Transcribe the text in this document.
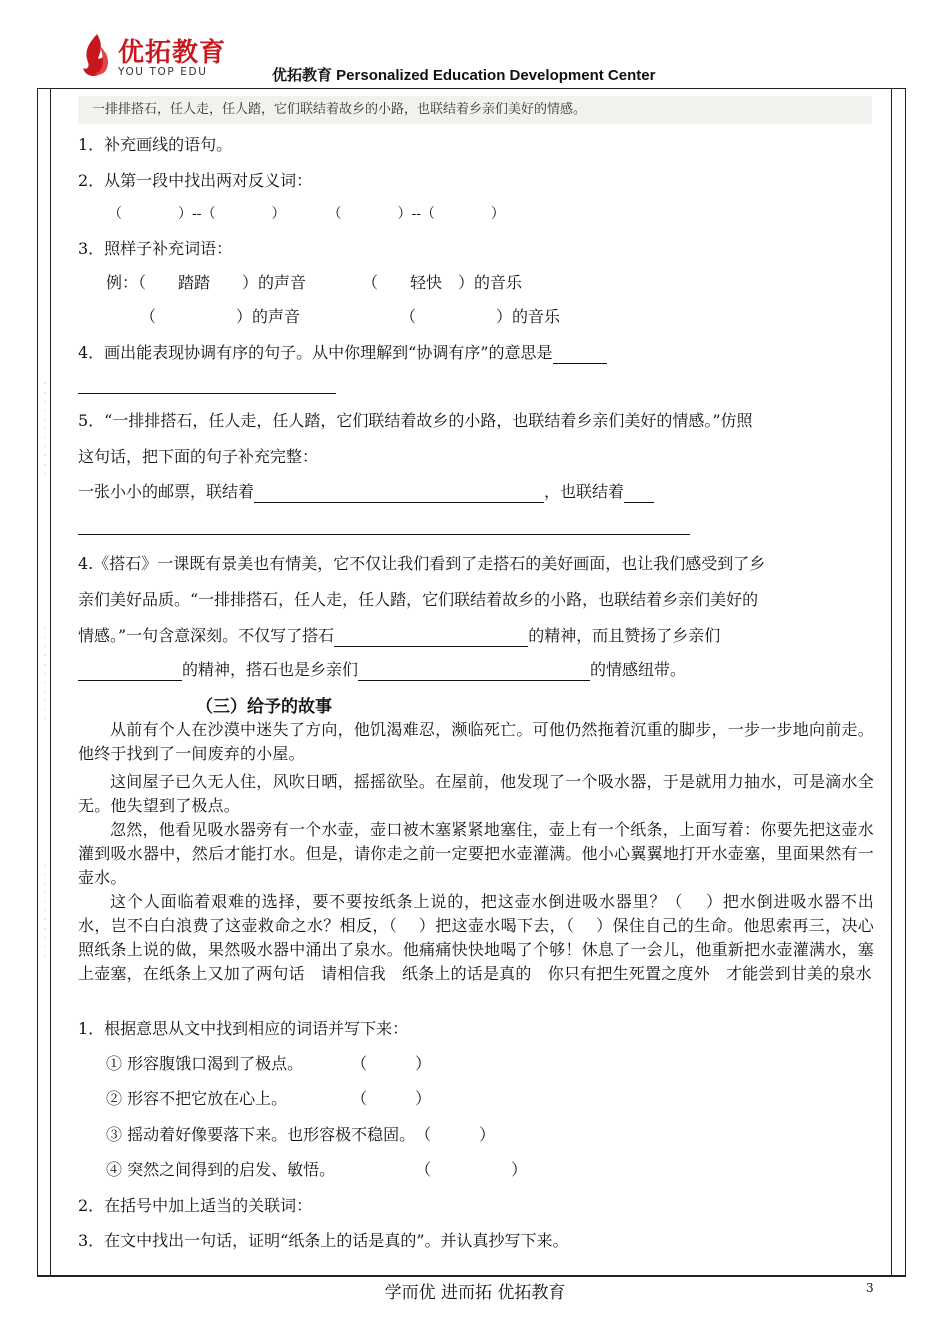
优拓教育
YOU TOP EDU	优拓教育 Personalized Education Development Center
·
·
·
·
·
·
·
·
·
·
·
·
·
·
·
·
·
·
·
·
·
·
·
·
·
·
·
·
·
·
·
·
·
·
·
·
·
·
·
·
·
·
·
·
·
·
·
·
·
·
·
·
·
·
·
·
·
·
·
·
·
·
·
·
·
·
一排排搭石，任人走，任人踏，它们联结着故乡的小路，也联结着乡亲们美好的情感。
1．补充画线的语句。
2．从第一段中找出两对反义词：
（　　　　）--（　　　　）　　　　（　　　　）--（　　　　）
3．照样子补充词语：
例：（　　踏踏　　）的声音　　　　（　　轻快　）的音乐
（　　　　　）的声音	（　　　　　）的音乐
4．画出能表现协调有序的句子。从中你理解到“协调有序”的意思是
5．“一排排搭石，任人走，任人踏，它们联结着故乡的小路，也联结着乡亲们美好的情感。”仿照
这句话，把下面的句子补充完整：
一张小小的邮票，联结着	，也联结着
4.《搭石》一课既有景美也有情美，它不仅让我们看到了走搭石的美好画面，也让我们感受到了乡
亲们美好品质。“一排排搭石，任人走，任人踏，它们联结着故乡的小路，也联结着乡亲们美好的
情感。”一句含意深刻。不仅写了搭石	的精神，而且赞扬了乡亲们
的精神，搭石也是乡亲们	的情感纽带。
（三）给予的故事
从前有个人在沙漠中迷失了方向，他饥渴难忍，濒临死亡。可他仍然拖着沉重的脚步，一步一步地向前走。他终于找到了一间废弃的小屋。
这间屋子已久无人住，风吹日晒，摇摇欲坠。在屋前，他发现了一个吸水器，于是就用力抽水，可是滴水全无。他失望到了极点。
忽然，他看见吸水器旁有一个水壶，壶口被木塞紧紧地塞住，壶上有一个纸条，上面写着：你要先把这壶水灌到吸水器中，然后才能打水。但是，请你走之前一定要把水壶灌满。他小心翼翼地打开水壶塞，里面果然有一壶水。
这个人面临着艰难的选择，要不要按纸条上说的，把这壶水倒进吸水器里？（　 ）把水倒进吸水器不出水，岂不白白浪费了这壶救命之水？相反，（　 ）把这壶水喝下去，（　 ）保住自己的生命。他思索再三，决心照纸条上说的做，果然吸水器中涌出了泉水。他痛痛快快地喝了个够！休息了一会儿，他重新把水壶灌满水，塞上壶塞，在纸条上又加了两句话　请相信我　纸条上的话是真的　你只有把生死置之度外　才能尝到甘美的泉水
1．根据意思从文中找到相应的词语并写下来：
① 形容腹饿口渴到了极点。　　　　（　　　）
② 形容不把它放在心上。　　　　　（　　　）
③ 摇动着好像要落下来。也形容极不稳固。　（　　　）
④ 突然之间得到的启发、敏悟。　　　　　　（　　　　　）
2．在括号中加上适当的关联词：
3．在文中找出一句话，证明“纸条上的话是真的”。并认真抄写下来。
学而优 进而拓 优拓教育	3
